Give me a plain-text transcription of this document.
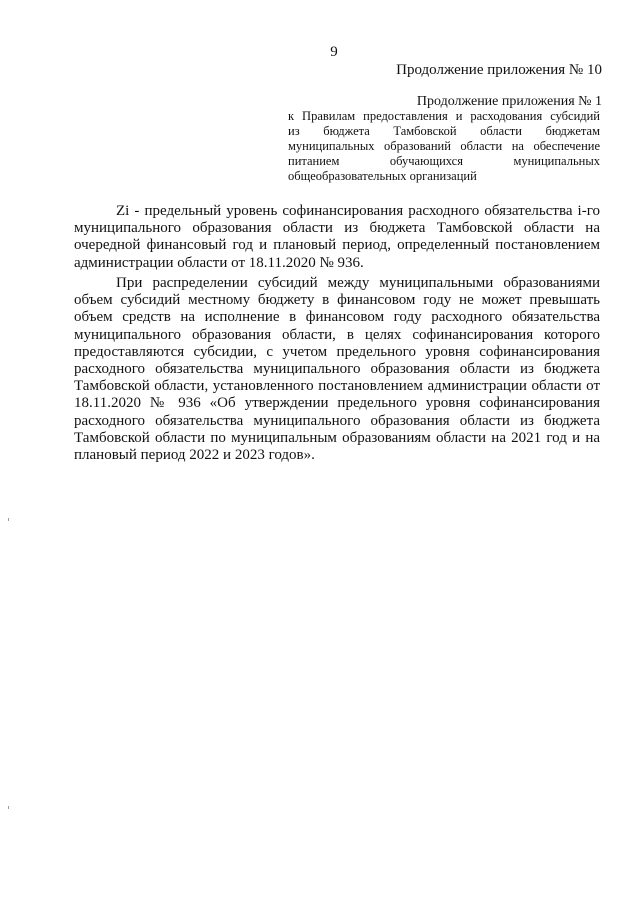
9
Продолжение приложения № 10
Продолжение приложения № 1
к Правилам предоставления и расходования субсидий
из бюджета Тамбовской области бюджетам
муниципальных образований области на обеспечение
питанием обучающихся муниципальных
общеобразовательных организаций

Zi - предельный уровень софинансирования расходного обязательства i-го муниципального образования области из бюджета Тамбовской области на очередной финансовый год и плановый период, определенный постановлением администрации области от 18.11.2020 № 936.

При распределении субсидий между муниципальными образованиями объем субсидий местному бюджету в финансовом году не может превышать объем средств на исполнение в финансовом году расходного обязательства муниципального образования области, в целях софинансирования которого предоставляются субсидии, с учетом предельного уровня софинансирования расходного обязательства муниципального образования области из бюджета Тамбовской области, установленного постановлением администрации области от 18.11.2020 № 936 «Об утверждении предельного уровня софинансирования расходного обязательства муниципального образования области из бюджета Тамбовской области по муниципальным образованиям области на 2021 год и на плановый период 2022 и 2023 годов».
